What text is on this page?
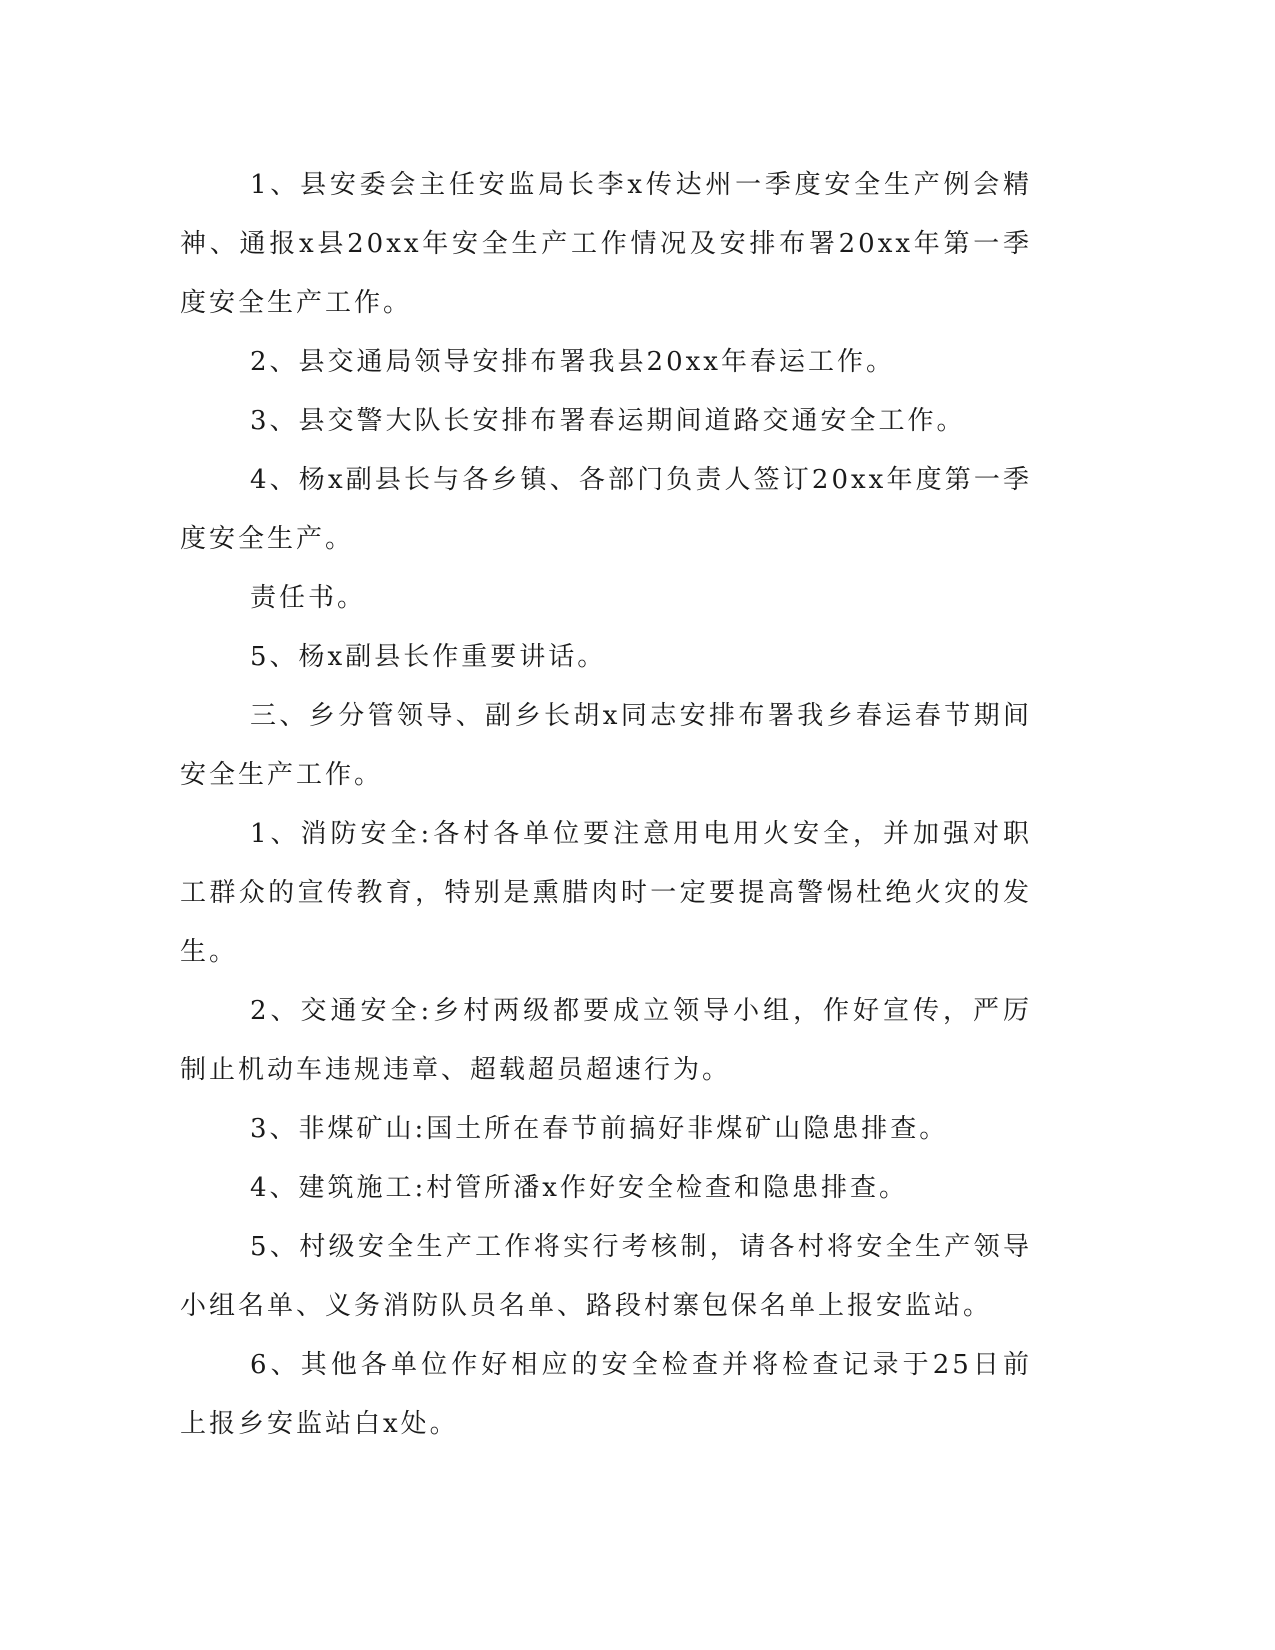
1、县安委会主任安监局长李x传达州一季度安全生产例会精神、通报x县20xx年安全生产工作情况及安排布署20xx年第一季度安全生产工作。

2、县交通局领导安排布署我县20xx年春运工作。

3、县交警大队长安排布署春运期间道路交通安全工作。

4、杨x副县长与各乡镇、各部门负责人签订20xx年度第一季度安全生产。

责任书。

5、杨x副县长作重要讲话。

三、乡分管领导、副乡长胡x同志安排布署我乡春运春节期间安全生产工作。

1、消防安全:各村各单位要注意用电用火安全，并加强对职工群众的宣传教育，特别是熏腊肉时一定要提高警惕杜绝火灾的发生。

2、交通安全:乡村两级都要成立领导小组，作好宣传，严厉制止机动车违规违章、超载超员超速行为。

3、非煤矿山:国土所在春节前搞好非煤矿山隐患排查。

4、建筑施工:村管所潘x作好安全检查和隐患排查。

5、村级安全生产工作将实行考核制，请各村将安全生产领导小组名单、义务消防队员名单、路段村寨包保名单上报安监站。

6、其他各单位作好相应的安全检查并将检查记录于25日前上报乡安监站白x处。
